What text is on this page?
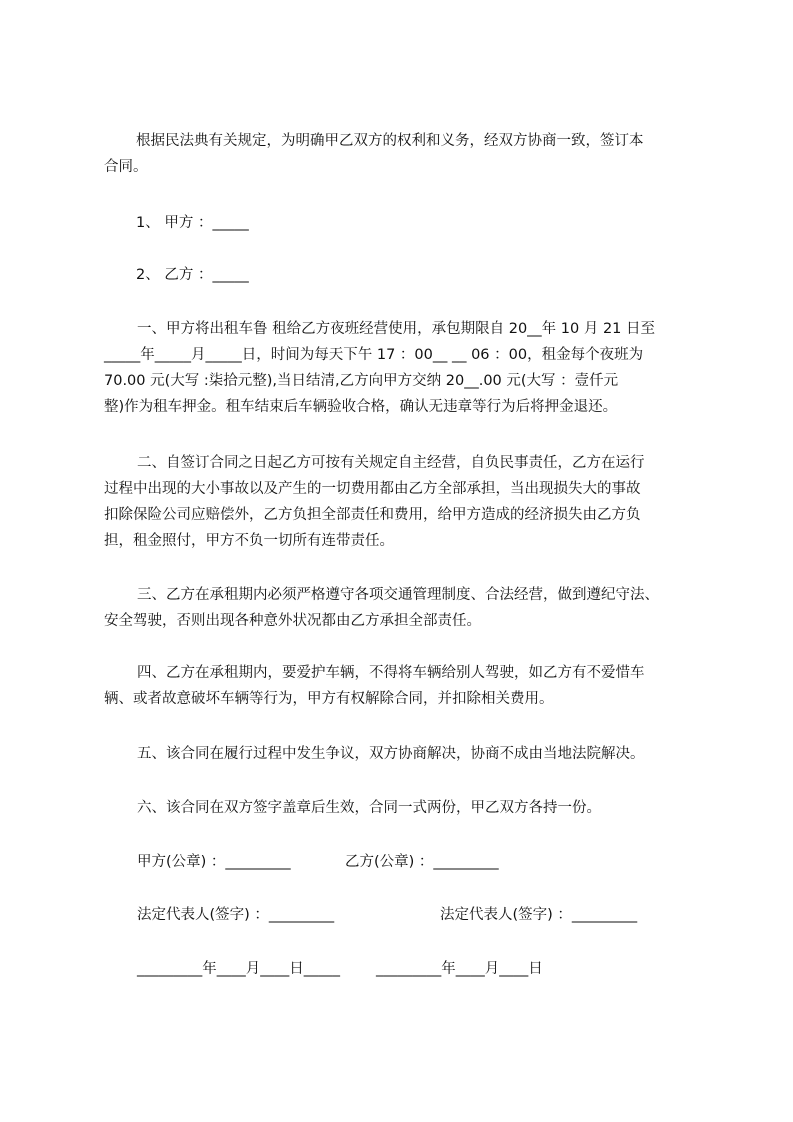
根据民法典有关规定，为明确甲乙双方的权利和义务，经双方协商一致，签订本
合同。
1、 甲方 ：_____
2、 乙方 ：_____
一、甲方将出租车鲁 租给乙方夜班经营使用，承包期限自 20__年 10 月 21 日至
_____年_____月_____日，时间为每天下午 17 ：00__ __ 06 ：00，租金每个夜班为
70.00 元(大写 :柒拾元整),当日结清,乙方向甲方交纳 20__.00 元(大写 ：壹仟元
整)作为租车押金。租车结束后车辆验收合格，确认无违章等行为后将押金退还。
二、自签订合同之日起乙方可按有关规定自主经营，自负民事责任，乙方在运行
过程中出现的大小事故以及产生的一切费用都由乙方全部承担，当出现损失大的事故
扣除保险公司应赔偿外，乙方负担全部责任和费用，给甲方造成的经济损失由乙方负
担，租金照付，甲方不负一切所有连带责任。
三、乙方在承租期内必须严格遵守各项交通管理制度、合法经营，做到遵纪守法、
安全驾驶，否则出现各种意外状况都由乙方承担全部责任。
四、乙方在承租期内，要爱护车辆，不得将车辆给别人驾驶，如乙方有不爱惜车
辆、或者故意破坏车辆等行为，甲方有权解除合同，并扣除相关费用。
五、该合同在履行过程中发生争议，双方协商解决，协商不成由当地法院解决。
六、该合同在双方签字盖章后生效，合同一式两份，甲乙双方各持一份。
甲方(公章) ：_________	乙方(公章) ：_________
法定代表人(签字) ：_________	法定代表人(签字) ：_________
_________年____月____日_____ _________年____月____日
